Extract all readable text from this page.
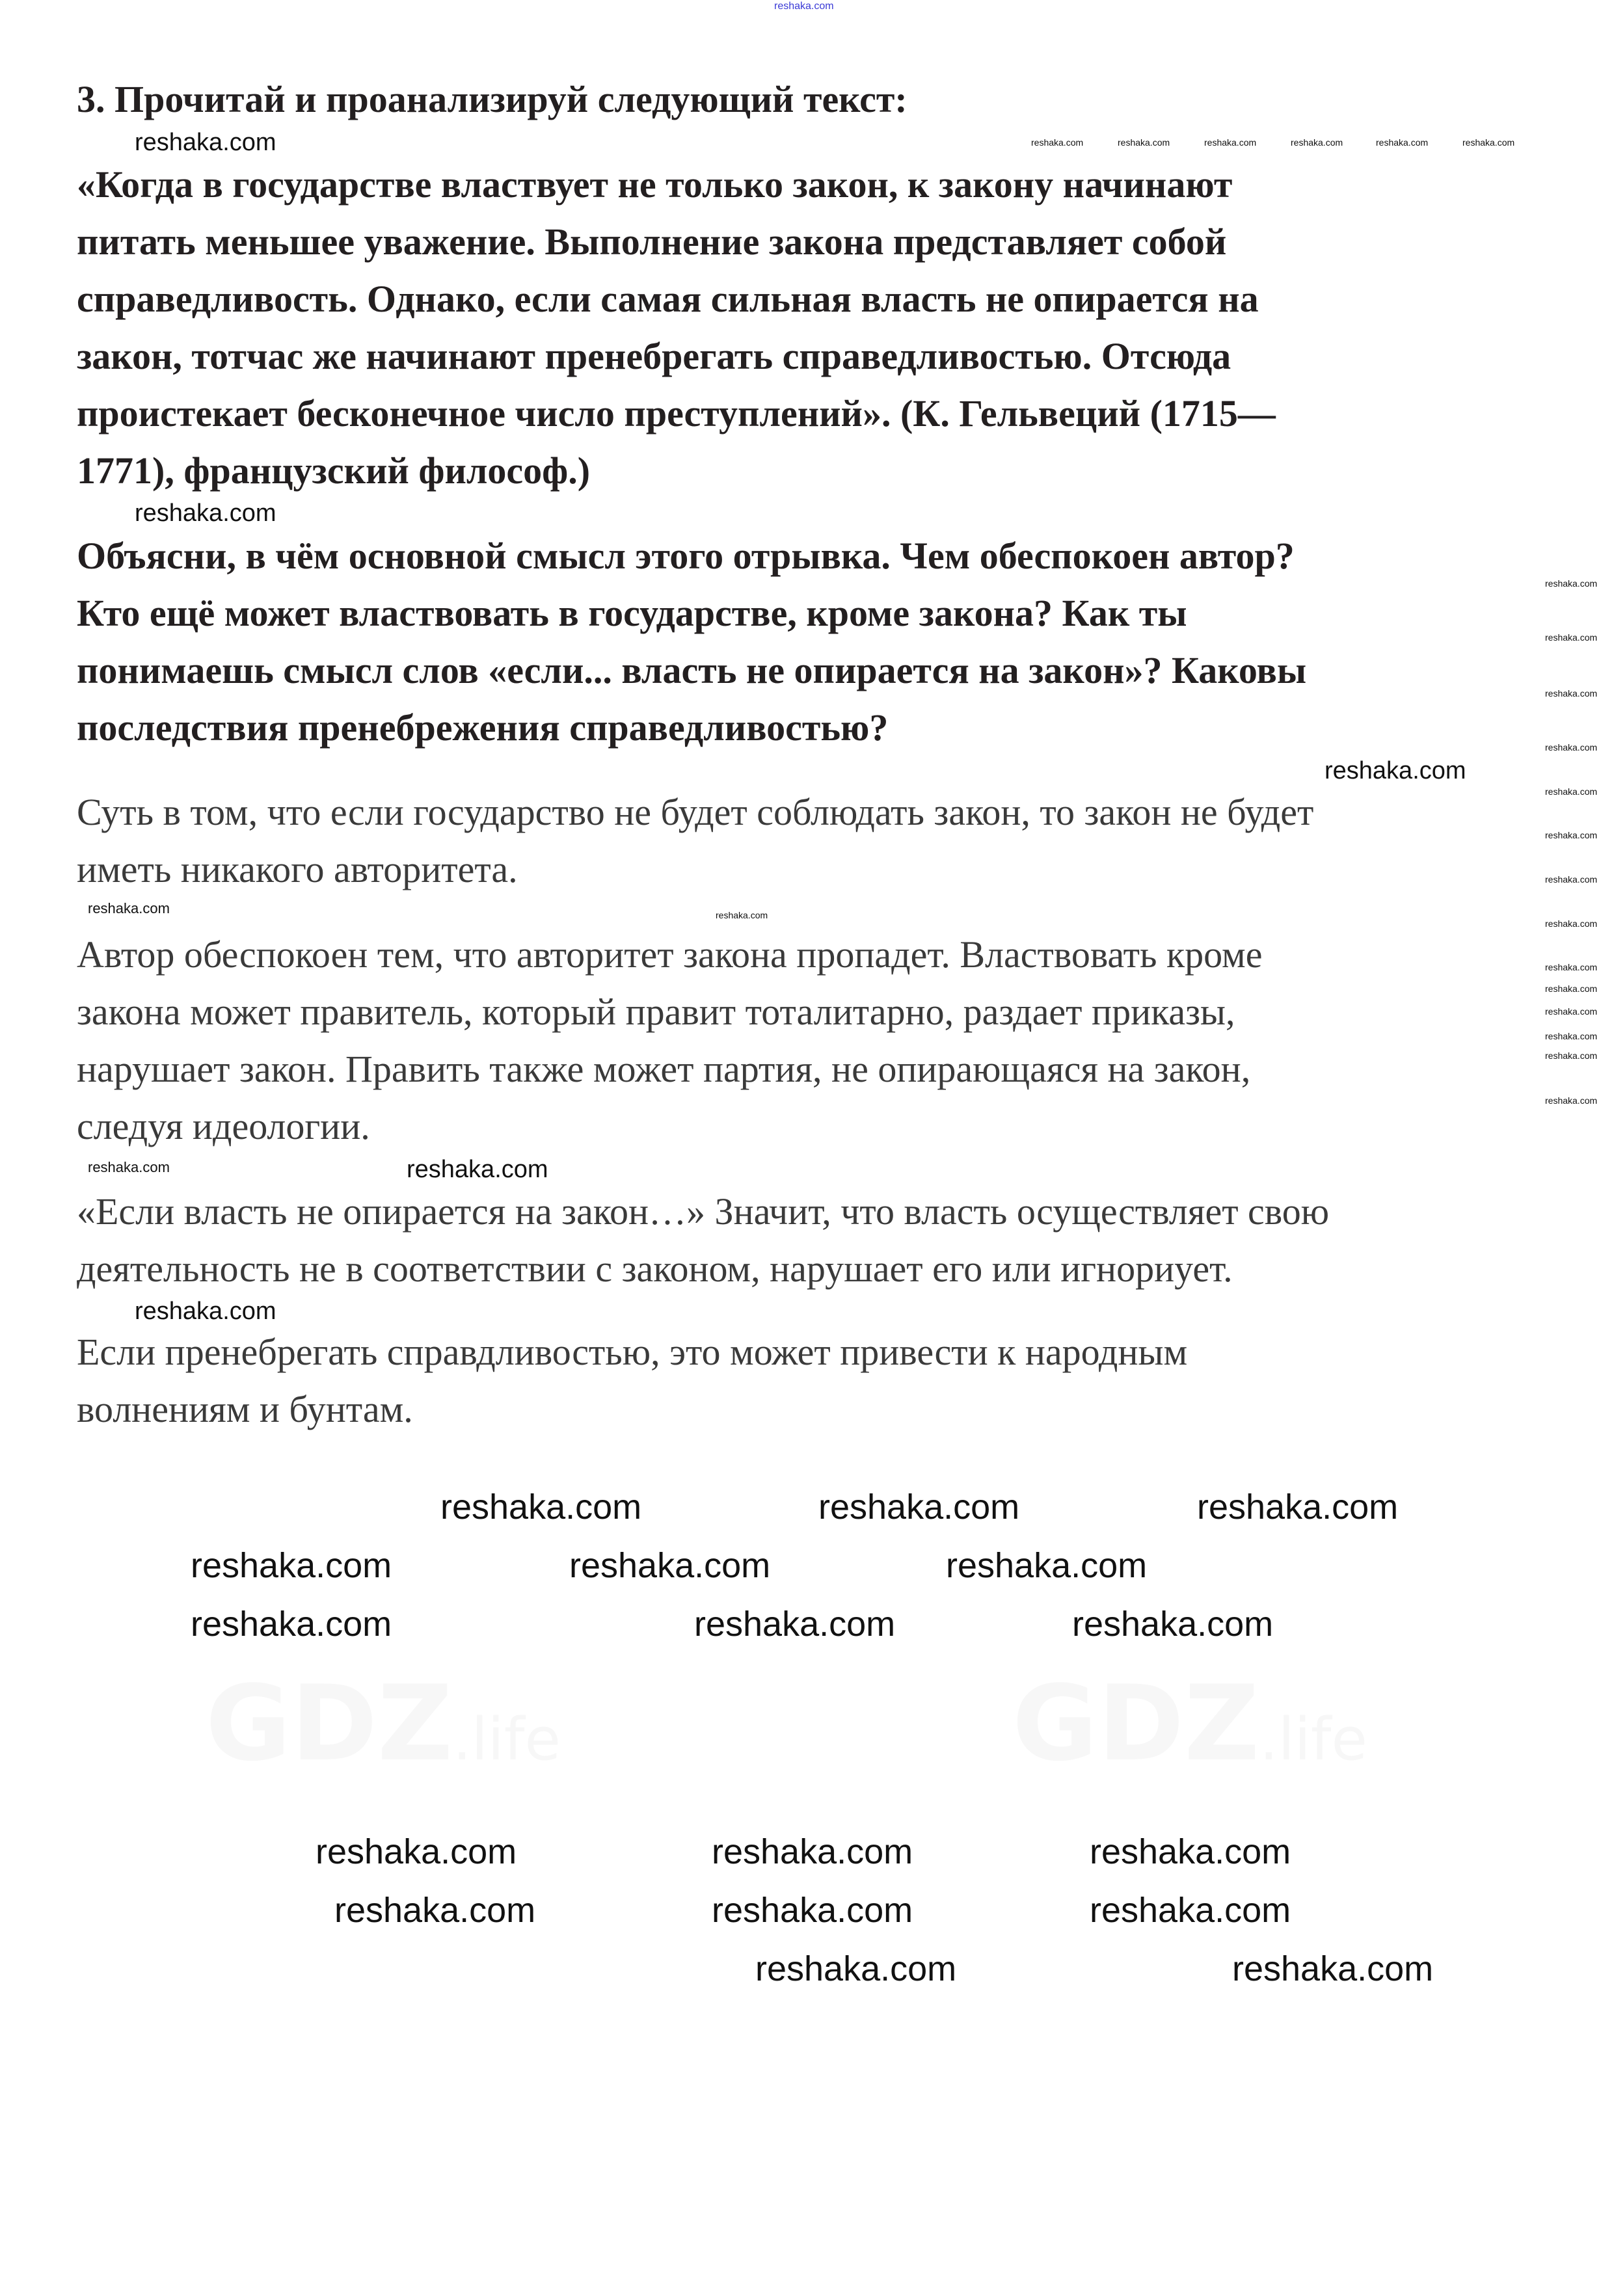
GDZ.life	GDZ.life
3. Прочитай и проанализируй следующий текст:
«Когда в государстве властвует не только закон, к закону начинают
питать меньшее уважение. Выполнение закона представляет собой
справедливость. Однако, если самая сильная власть не опирается на
закон, тотчас же начинают пренебрегать справедливостью. Отсюда
проистекает бесконечное число преступлений». (К. Гельвеций (1715—
1771), французский философ.)
Объясни, в чём основной смысл этого отрывка. Чем обеспокоен автор?
Кто ещё может властвовать в государстве, кроме закона? Как ты
понимаешь смысл слов «если... власть не опирается на закон»? Каковы
последствия пренебрежения справедливостью?
Суть в том, что если государство не будет соблюдать закон, то закон не будет
иметь никакого авторитета.
Автор обеспокоен тем, что авторитет закона пропадет. Властвовать кроме
закона может правитель, который правит тоталитарно, раздает приказы,
нарушает закон. Править также может партия, не опирающаяся на закон,
следуя идеологии.
«Если власть не опирается на закон…» Значит, что власть осуществляет свою
деятельность не в соответствии с законом, нарушает его или игнориует.
Если пренебрегать справдливостью, это может привести к народным
волнениям и бунтам.
reshaka.com
reshaka.com	reshaka.com	reshaka.com
reshaka.com	reshaka.com	reshaka.com
reshaka.com	reshaka.com	reshaka.com
reshaka.com	reshaka.com	reshaka.com
reshaka.com	reshaka.com	reshaka.com
reshaka.com	reshaka.com
reshaka.com
reshaka.com
reshaka.com
reshaka.com
reshaka.com
reshaka.com
reshaka.com
reshaka.com	reshaka.com	reshaka.com	reshaka.com	reshaka.com	reshaka.com
reshaka.com
reshaka.com
reshaka.com
reshaka.com
reshaka.com
reshaka.com
reshaka.com
reshaka.com
reshaka.com
reshaka.com
reshaka.com
reshaka.com
reshaka.com
reshaka.com
reshaka.com
